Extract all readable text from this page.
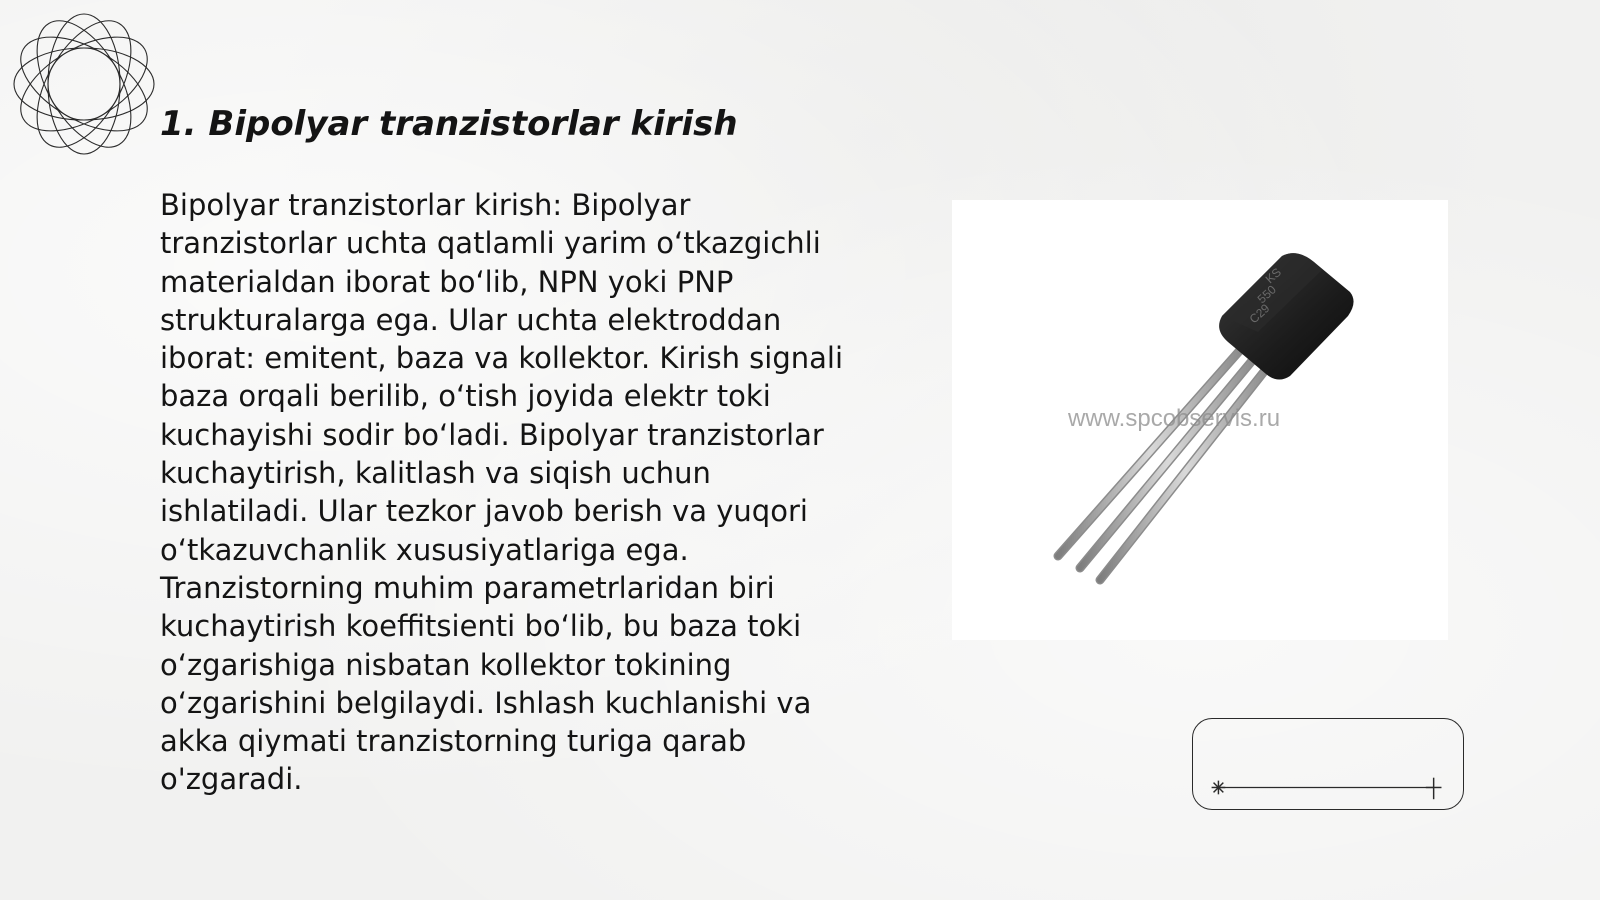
1. Bipolyar tranzistorlar kirish

Bipolyar tranzistorlar kirish: Bipolyar tranzistorlar uchta qatlamli yarim o‘tkazgichli materialdan iborat bo‘lib, NPN yoki PNP strukturalarga ega. Ular uchta elektroddan iborat: emitent, baza va kollektor. Kirish signali baza orqali berilib, o‘tish joyida elektr toki kuchayishi sodir bo‘ladi. Bipolyar tranzistorlar kuchaytirish, kalitlash va siqish uchun ishlatiladi. Ular tezkor javob berish va yuqori o‘tkazuvchanlik xususiyatlariga ega. Tranzistorning muhim parametrlaridan biri kuchaytirish koeffitsienti bo‘lib, bu baza toki o‘zgarishiga nisbatan kollektor tokining o‘zgarishini belgilaydi. Ishlash kuchlanishi va akka qiymati tranzistorning turiga qarab o'zgaradi.

KS
550
C29
www.spcobservis.ru
